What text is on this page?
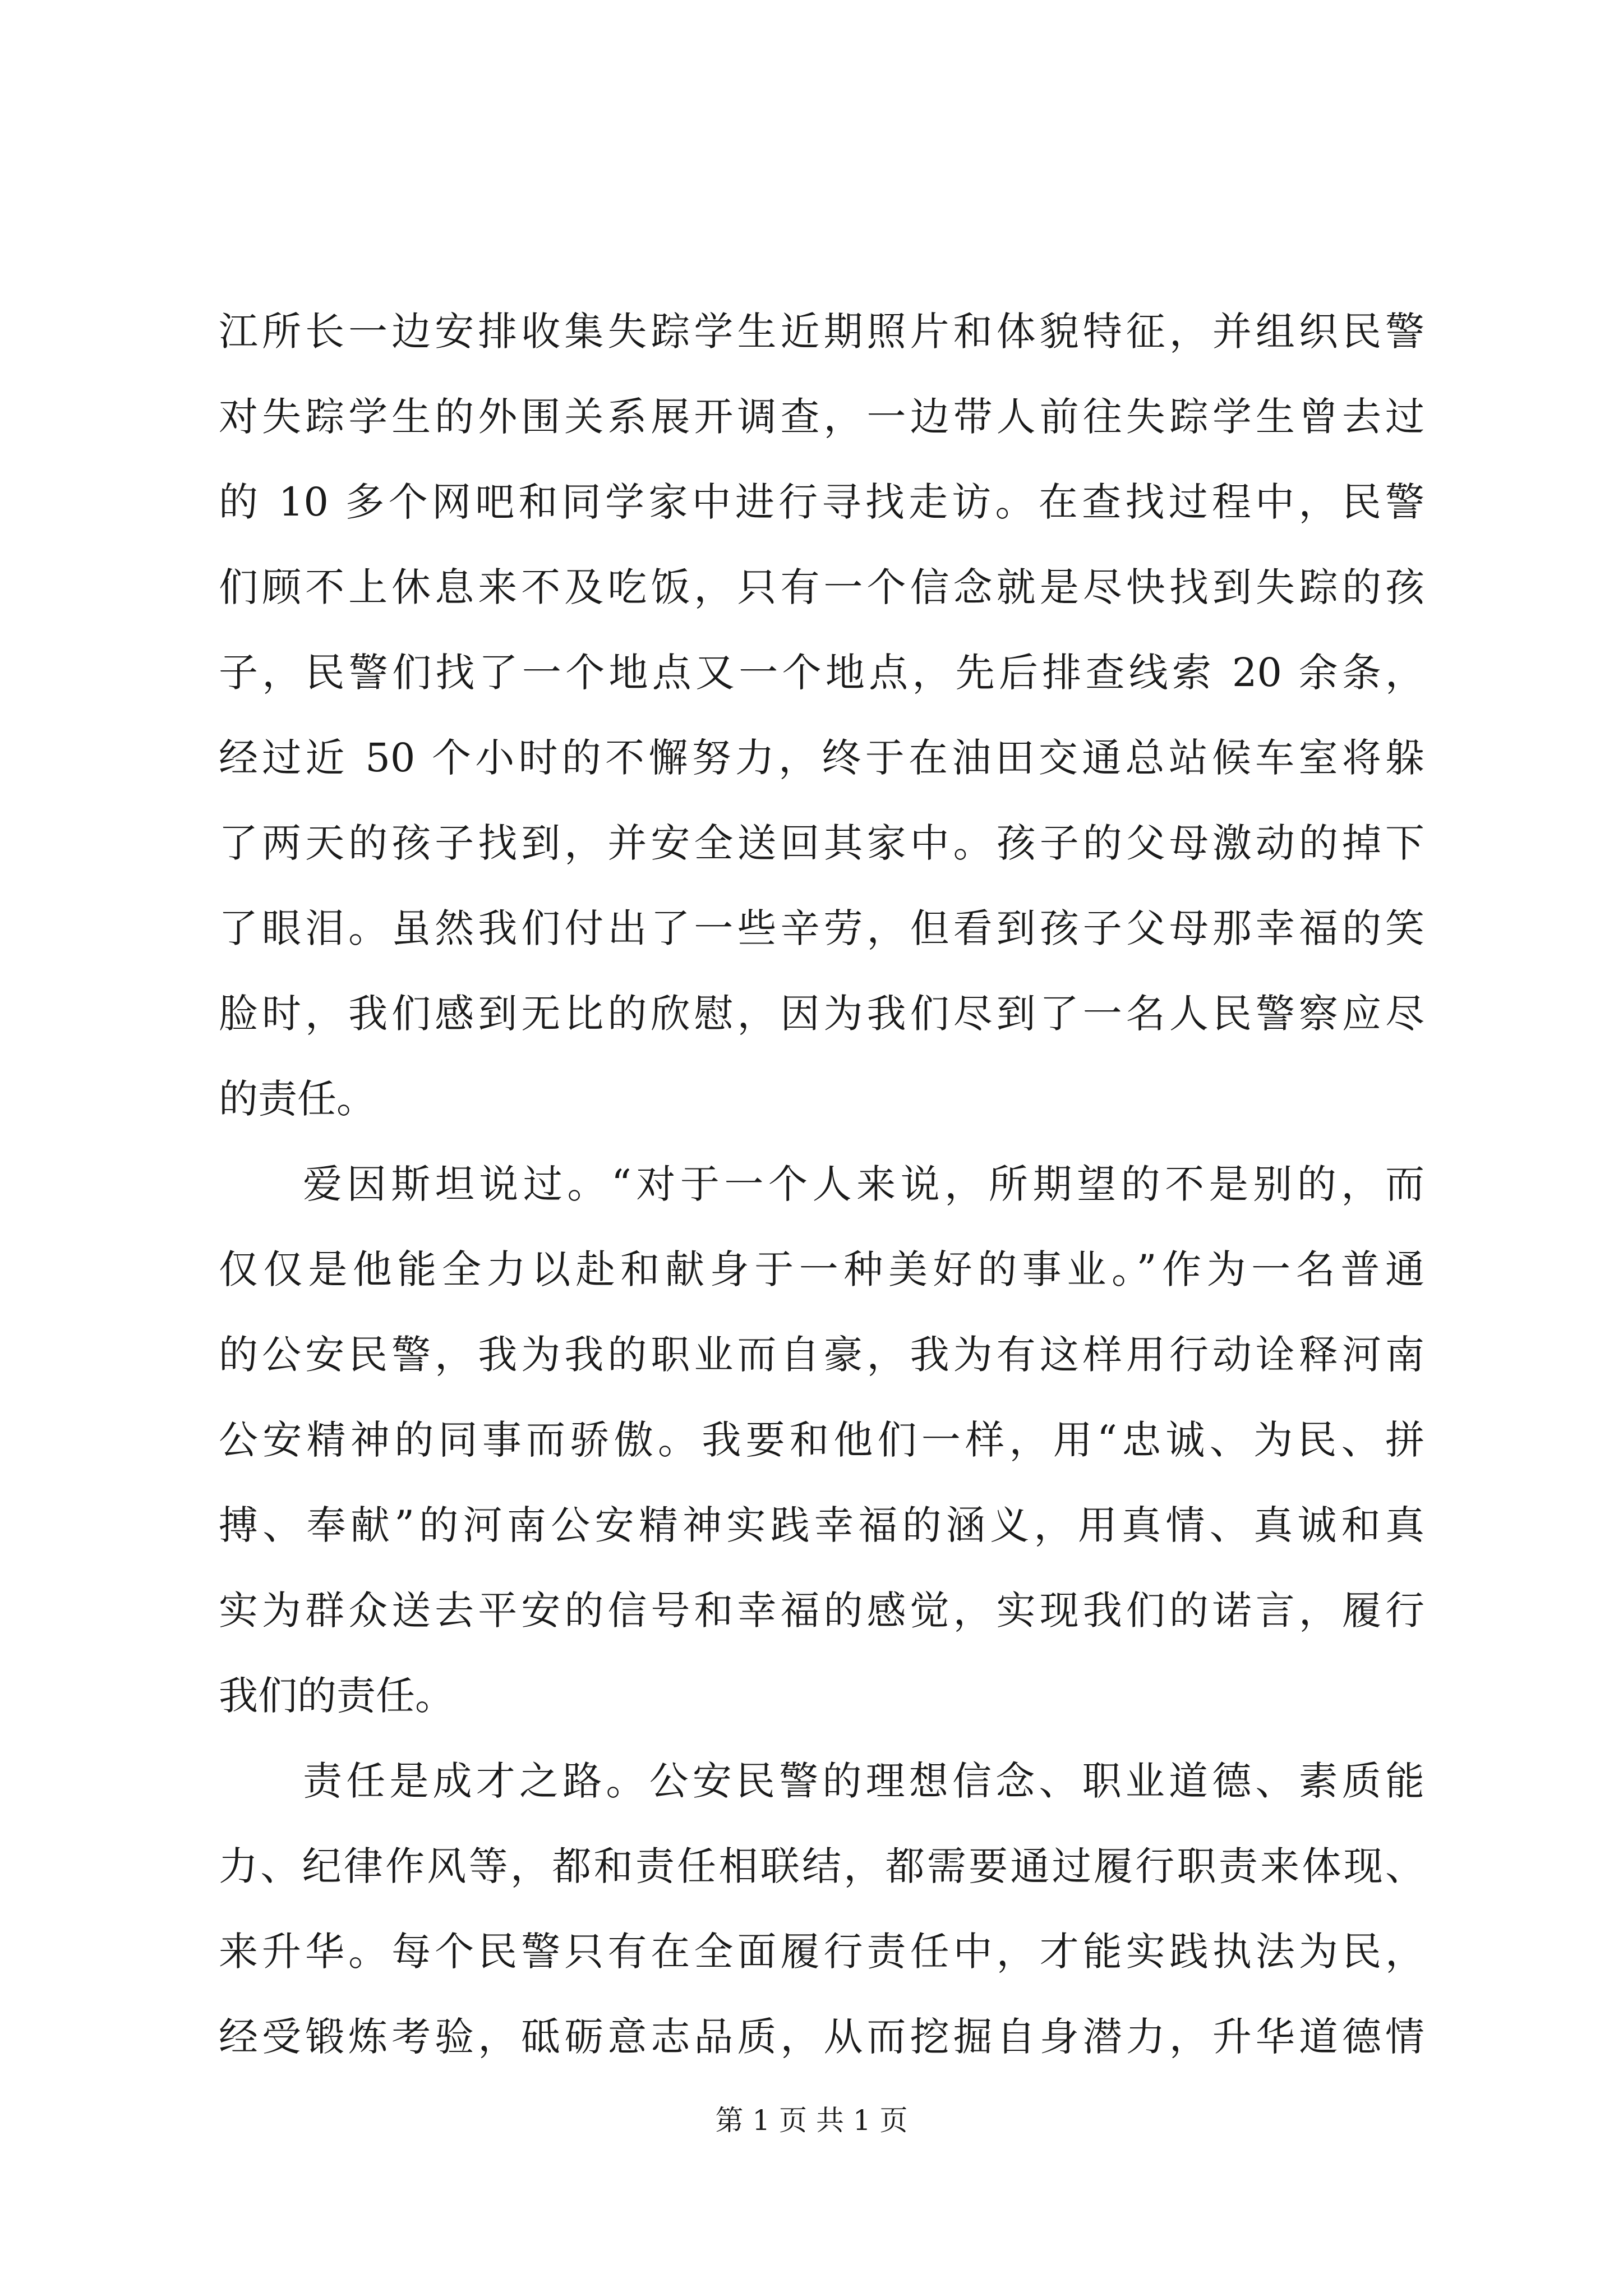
江所长一边安排收集失踪学生近期照片和体貌特征，并组织民警
对失踪学生的外围关系展开调查，一边带人前往失踪学生曾去过
的 10 多个网吧和同学家中进行寻找走访。在查找过程中，民警
们顾不上休息来不及吃饭，只有一个信念就是尽快找到失踪的孩
子，民警们找了一个地点又一个地点，先后排查线索 20 余条，
经过近 50 个小时的不懈努力，终于在油田交通总站候车室将躲
了两天的孩子找到，并安全送回其家中。孩子的父母激动的掉下
了眼泪。虽然我们付出了一些辛劳，但看到孩子父母那幸福的笑
脸时，我们感到无比的欣慰，因为我们尽到了一名人民警察应尽
的责任。
爱因斯坦说过。“对于一个人来说，所期望的不是别的，而
仅仅是他能全力以赴和献身于一种美好的事业。”作为一名普通
的公安民警，我为我的职业而自豪，我为有这样用行动诠释河南
公安精神的同事而骄傲。我要和他们一样，用“忠诚、为民、拼
搏、奉献”的河南公安精神实践幸福的涵义，用真情、真诚和真
实为群众送去平安的信号和幸福的感觉，实现我们的诺言，履行
我们的责任。
责任是成才之路。公安民警的理想信念、职业道德、素质能
力、纪律作风等，都和责任相联结，都需要通过履行职责来体现、
来升华。每个民警只有在全面履行责任中，才能实践执法为民，
经受锻炼考验，砥砺意志品质，从而挖掘自身潜力，升华道德情
第 1 页 共 1 页
